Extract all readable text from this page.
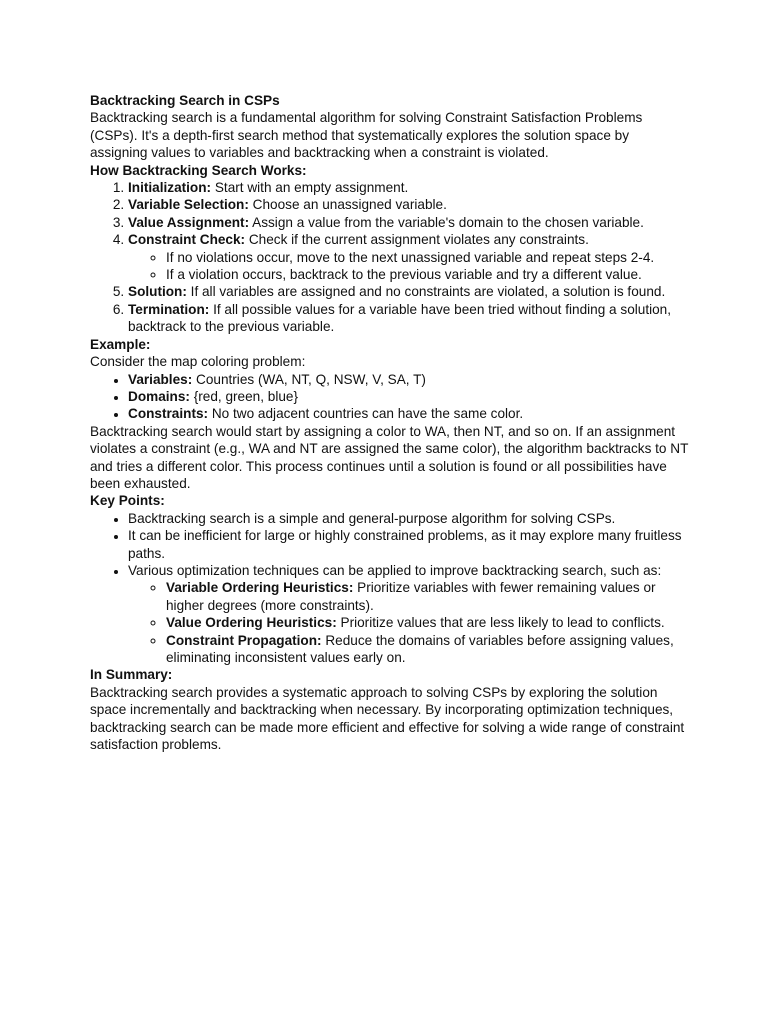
Backtracking Search in CSPs

Backtracking search is a fundamental algorithm for solving Constraint Satisfaction Problems (CSPs). It's a depth-first search method that systematically explores the solution space by assigning values to variables and backtracking when a constraint is violated.

How Backtracking Search Works:

1. Initialization: Start with an empty assignment.
2. Variable Selection: Choose an unassigned variable.
3. Value Assignment: Assign a value from the variable's domain to the chosen variable.
4. Constraint Check: Check if the current assignment violates any constraints.
◦ If no violations occur, move to the next unassigned variable and repeat steps 2-4.
◦ If a violation occurs, backtrack to the previous variable and try a different value.
5. Solution: If all variables are assigned and no constraints are violated, a solution is found.
6. Termination: If all possible values for a variable have been tried without finding a solution, backtrack to the previous variable.

Example:

Consider the map coloring problem:

• Variables: Countries (WA, NT, Q, NSW, V, SA, T)
• Domains: {red, green, blue}
• Constraints: No two adjacent countries can have the same color.

Backtracking search would start by assigning a color to WA, then NT, and so on. If an assignment violates a constraint (e.g., WA and NT are assigned the same color), the algorithm backtracks to NT and tries a different color. This process continues until a solution is found or all possibilities have been exhausted.

Key Points:

• Backtracking search is a simple and general-purpose algorithm for solving CSPs.
• It can be inefficient for large or highly constrained problems, as it may explore many fruitless paths.
• Various optimization techniques can be applied to improve backtracking search, such as:
◦ Variable Ordering Heuristics: Prioritize variables with fewer remaining values or higher degrees (more constraints).
◦ Value Ordering Heuristics: Prioritize values that are less likely to lead to conflicts.
◦ Constraint Propagation: Reduce the domains of variables before assigning values, eliminating inconsistent values early on.

In Summary:

Backtracking search provides a systematic approach to solving CSPs by exploring the solution space incrementally and backtracking when necessary. By incorporating optimization techniques, backtracking search can be made more efficient and effective for solving a wide range of constraint satisfaction problems.
